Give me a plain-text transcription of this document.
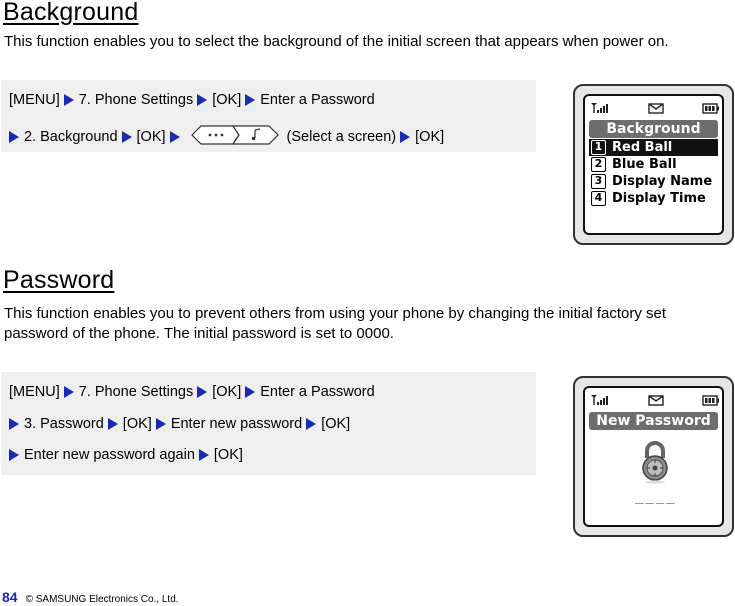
Background
This function enables you to select the background of the initial screen that appears when power on.
[MENU] 7. Phone Settings [OK] Enter a Password
2. Background [OK]	(Select a screen) [OK]	Background
1 Red Ball
2 Blue Ball
3 Display Name
4 Display Time
Password
This function enables you to prevent others from using your phone by changing the initial factory set password of the phone. The initial password is set to 0000.
[MENU] 7. Phone Settings [OK] Enter a Password
3. Password [OK] Enter new password [OK]
Enter new password again [OK]
New Password
____
84 © SAMSUNG Electronics Co., Ltd.
